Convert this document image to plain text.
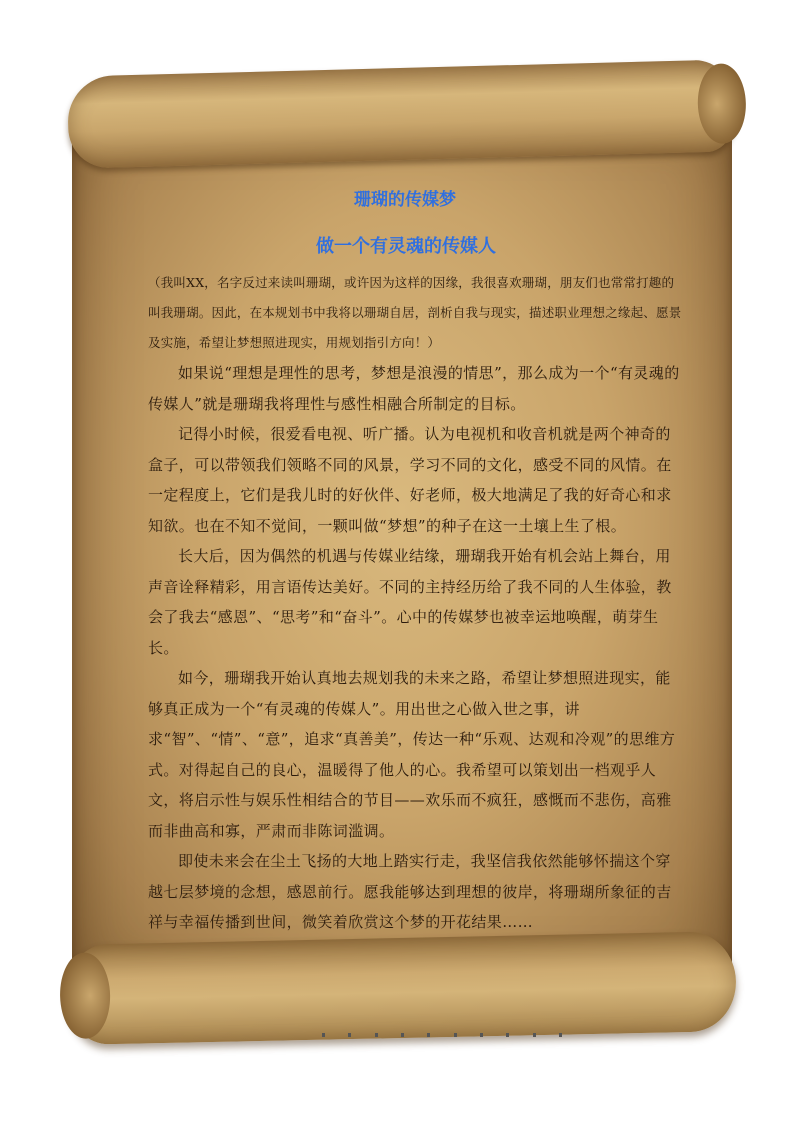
珊瑚的传媒梦
做一个有灵魂的传媒人
（我叫XX，名字反过来读叫珊瑚，或许因为这样的因缘，我很喜欢珊瑚，朋友们也常常打趣的叫我珊瑚。因此，在本规划书中我将以珊瑚自居，剖析自我与现实，描述职业理想之缘起、愿景及实施，希望让梦想照进现实，用规划指引方向！）

如果说“理想是理性的思考，梦想是浪漫的情思”，那么成为一个“有灵魂的传媒人”就是珊瑚我将理性与感性相融合所制定的目标。

记得小时候，很爱看电视、听广播。认为电视机和收音机就是两个神奇的盒子，可以带领我们领略不同的风景，学习不同的文化，感受不同的风情。在一定程度上，它们是我儿时的好伙伴、好老师，极大地满足了我的好奇心和求知欲。也在不知不觉间，一颗叫做“梦想”的种子在这一土壤上生了根。

长大后，因为偶然的机遇与传媒业结缘，珊瑚我开始有机会站上舞台，用声音诠释精彩，用言语传达美好。不同的主持经历给了我不同的人生体验，教会了我去“感恩”、“思考”和“奋斗”。心中的传媒梦也被幸运地唤醒，萌芽生长。

如今，珊瑚我开始认真地去规划我的未来之路，希望让梦想照进现实，能够真正成为一个“有灵魂的传媒人”。用出世之心做入世之事，讲求“智”、“情”、“意”，追求“真善美”，传达一种“乐观、达观和冷观”的思维方式。对得起自己的良心，温暖得了他人的心。我希望可以策划出一档观乎人文，将启示性与娱乐性相结合的节目——欢乐而不疯狂，感慨而不悲伤，高雅而非曲高和寡，严肃而非陈词滥调。

即使未来会在尘土飞扬的大地上踏实行走，我坚信我依然能够怀揣这个穿越七层梦境的念想，感恩前行。愿我能够达到理想的彼岸，将珊瑚所象征的吉祥与幸福传播到世间，微笑着欣赏这个梦的开花结果……
